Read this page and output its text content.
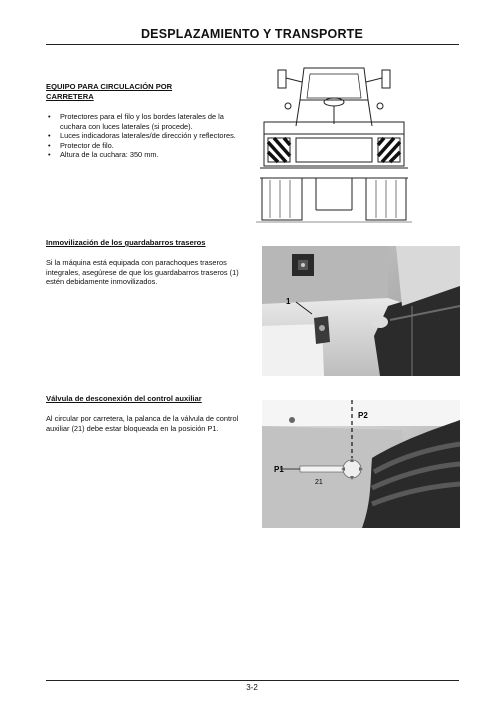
DESPLAZAMIENTO Y TRANSPORTE
EQUIPO PARA CIRCULACIÓN POR CARRETERA
• Protectores para el filo y los bordes laterales de la cuchara con luces laterales (si procede).
• Luces indicadoras laterales/de dirección y reflectores.
• Protector de filo.
• Altura de la cuchara: 350 mm.
Inmovilización de los guardabarros traseros
Si la máquina está equipada con parachoques traseros integrales, asegúrese de que los guardabarros traseros (1) estén debidamente inmovilizados.
1
Válvula de desconexión del control auxiliar
Al circular por carretera, la palanca de la válvula de control auxiliar (21) debe estar bloqueada en la posición P1.
P2
P1
21
3-2
